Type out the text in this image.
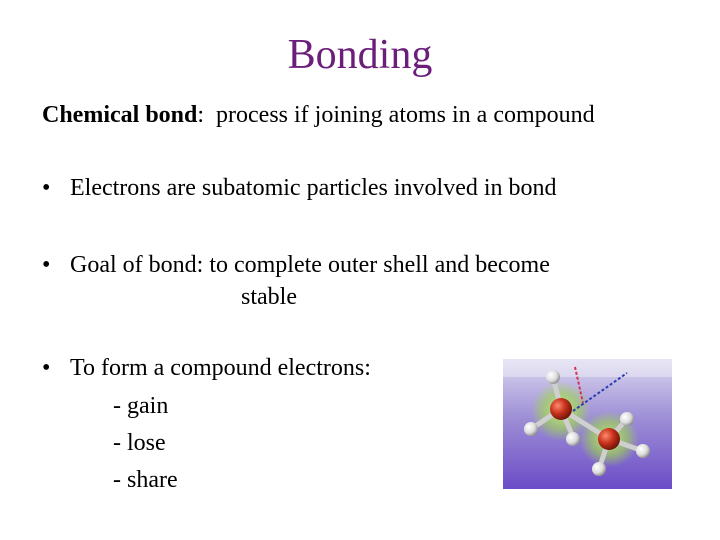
Bonding
Chemical bond:  process if joining atoms in a compound
• Electrons are subatomic particles involved in bond
• Goal of bond: to complete outer shell and become
stable
• To form a compound electrons:
- gain
- lose
- share
